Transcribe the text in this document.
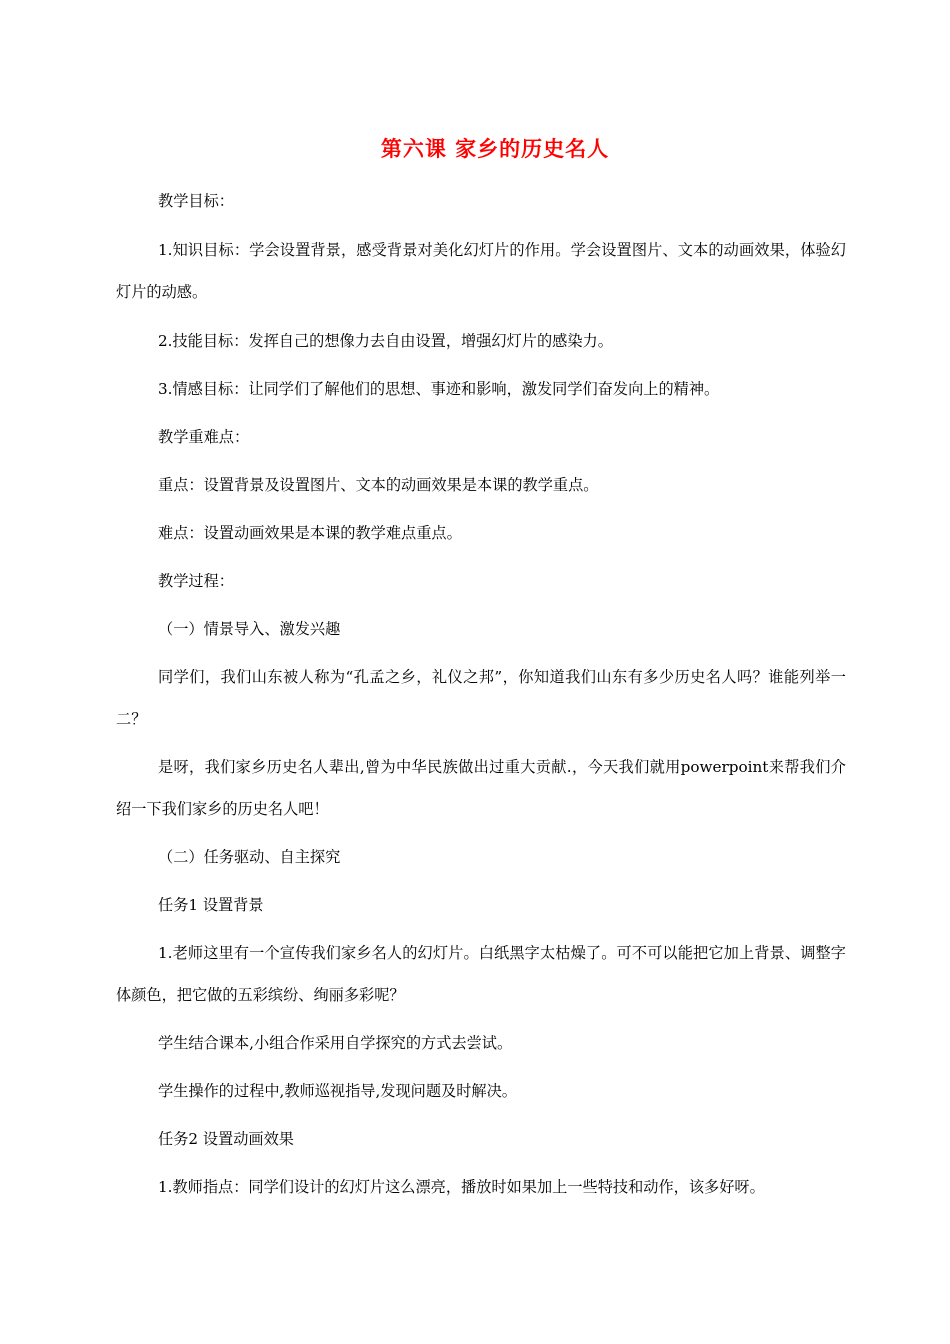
第六课 家乡的历史名人

教学目标：

1.知识目标：学会设置背景，感受背景对美化幻灯片的作用。学会设置图片、文本的动画效果，体验幻灯片的动感。

2.技能目标：发挥自己的想像力去自由设置，增强幻灯片的感染力。

3.情感目标：让同学们了解他们的思想、事迹和影响，激发同学们奋发向上的精神。

教学重难点：

重点：设置背景及设置图片、文本的动画效果是本课的教学重点。

难点：设置动画效果是本课的教学难点重点。

教学过程：

（一）情景导入、激发兴趣

同学们，我们山东被人称为“孔孟之乡，礼仪之邦”，你知道我们山东有多少历史名人吗？谁能列举一二？

是呀，我们家乡历史名人辈出,曾为中华民族做出过重大贡献.，今天我们就用powerpoint来帮我们介绍一下我们家乡的历史名人吧！

（二）任务驱动、自主探究

任务1 设置背景

1.老师这里有一个宣传我们家乡名人的幻灯片。白纸黑字太枯燥了。可不可以能把它加上背景、调整字体颜色，把它做的五彩缤纷、绚丽多彩呢？

学生结合课本,小组合作采用自学探究的方式去尝试。

学生操作的过程中,教师巡视指导,发现问题及时解决。

任务2 设置动画效果

1.教师指点：同学们设计的幻灯片这么漂亮，播放时如果加上一些特技和动作，该多好呀。
